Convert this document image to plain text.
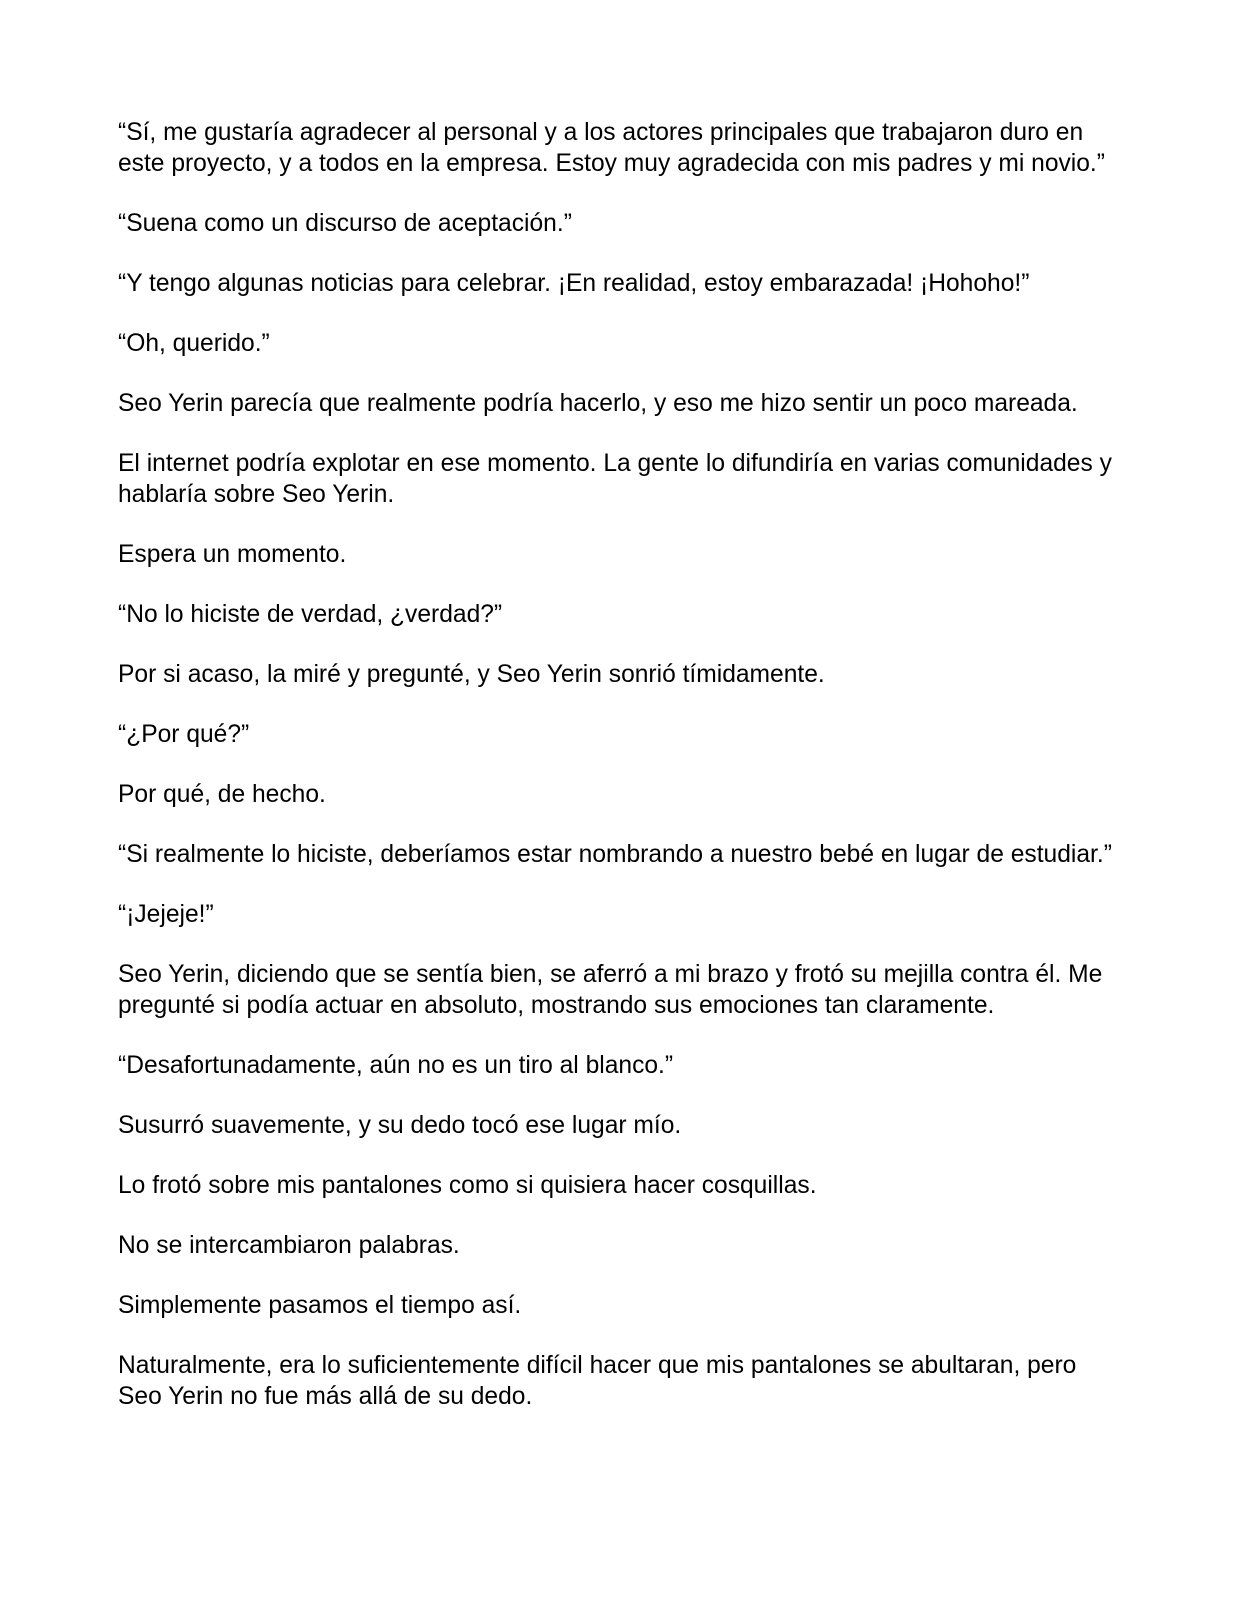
“Sí, me gustaría agradecer al personal y a los actores principales que trabajaron duro en este proyecto, y a todos en la empresa. Estoy muy agradecida con mis padres y mi novio.”

“Suena como un discurso de aceptación.”

“Y tengo algunas noticias para celebrar. ¡En realidad, estoy embarazada! ¡Hohoho!”

“Oh, querido.”

Seo Yerin parecía que realmente podría hacerlo, y eso me hizo sentir un poco mareada.

El internet podría explotar en ese momento. La gente lo difundiría en varias comunidades y hablaría sobre Seo Yerin.

Espera un momento.

“No lo hiciste de verdad, ¿verdad?”

Por si acaso, la miré y pregunté, y Seo Yerin sonrió tímidamente.

“¿Por qué?”

Por qué, de hecho.

“Si realmente lo hiciste, deberíamos estar nombrando a nuestro bebé en lugar de estudiar.”

“¡Jejeje!”

Seo Yerin, diciendo que se sentía bien, se aferró a mi brazo y frotó su mejilla contra él. Me pregunté si podía actuar en absoluto, mostrando sus emociones tan claramente.

“Desafortunadamente, aún no es un tiro al blanco.”

Susurró suavemente, y su dedo tocó ese lugar mío.

Lo frotó sobre mis pantalones como si quisiera hacer cosquillas.

No se intercambiaron palabras.

Simplemente pasamos el tiempo así.

Naturalmente, era lo suficientemente difícil hacer que mis pantalones se abultaran, pero Seo Yerin no fue más allá de su dedo.
